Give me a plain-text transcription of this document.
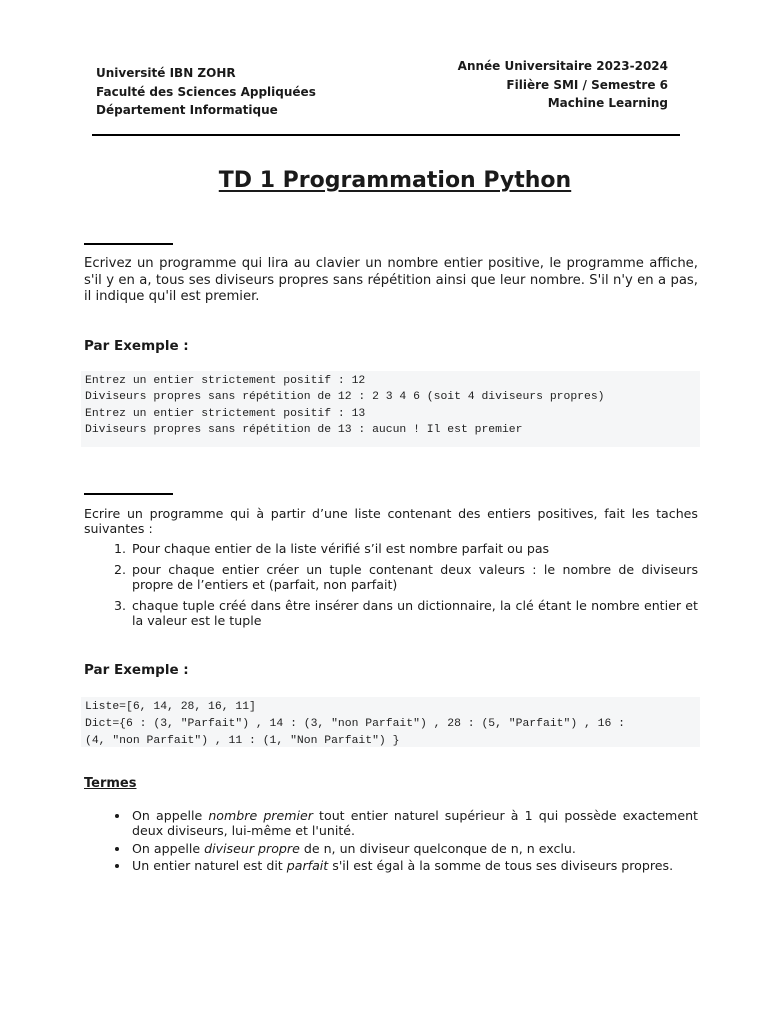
Université IBN ZOHR
Faculté des Sciences Appliquées
Département Informatique
Année Universitaire 2023-2024
Filière SMI / Semestre 6
Machine Learning
TD 1 Programmation Python
Ecrivez un programme qui lira au clavier un nombre entier positive, le programme affiche, s'il y en a, tous ses diviseurs propres sans répétition ainsi que leur nombre. S'il n'y en a pas, il indique qu'il est premier.
Par Exemple :
Entrez un entier strictement positif : 12
Diviseurs propres sans répétition de 12 : 2 3 4 6 (soit 4 diviseurs propres)
Entrez un entier strictement positif : 13
Diviseurs propres sans répétition de 13 : aucun ! Il est premier
Ecrire un programme qui à partir d’une liste contenant des entiers positives, fait les taches suivantes :
1. Pour chaque entier de la liste vérifié s’il est nombre parfait ou pas
2. pour chaque entier créer un tuple contenant deux valeurs : le nombre de diviseurs propre de l’entiers et (parfait, non parfait)
3. chaque tuple créé dans être insérer dans un dictionnaire, la clé étant le nombre entier et la valeur est le tuple
Par Exemple :
Liste=[6, 14, 28, 16, 11]
Dict={6 : (3, "Parfait") , 14 : (3, "non Parfait") , 28 : (5, "Parfait") , 16 :
(4, "non Parfait") , 11 : (1, "Non Parfait") }
Termes
• On appelle nombre premier tout entier naturel supérieur à 1 qui possède exactement deux diviseurs, lui-même et l'unité.
• On appelle diviseur propre de n, un diviseur quelconque de n, n exclu.
• Un entier naturel est dit parfait s'il est égal à la somme de tous ses diviseurs propres.
